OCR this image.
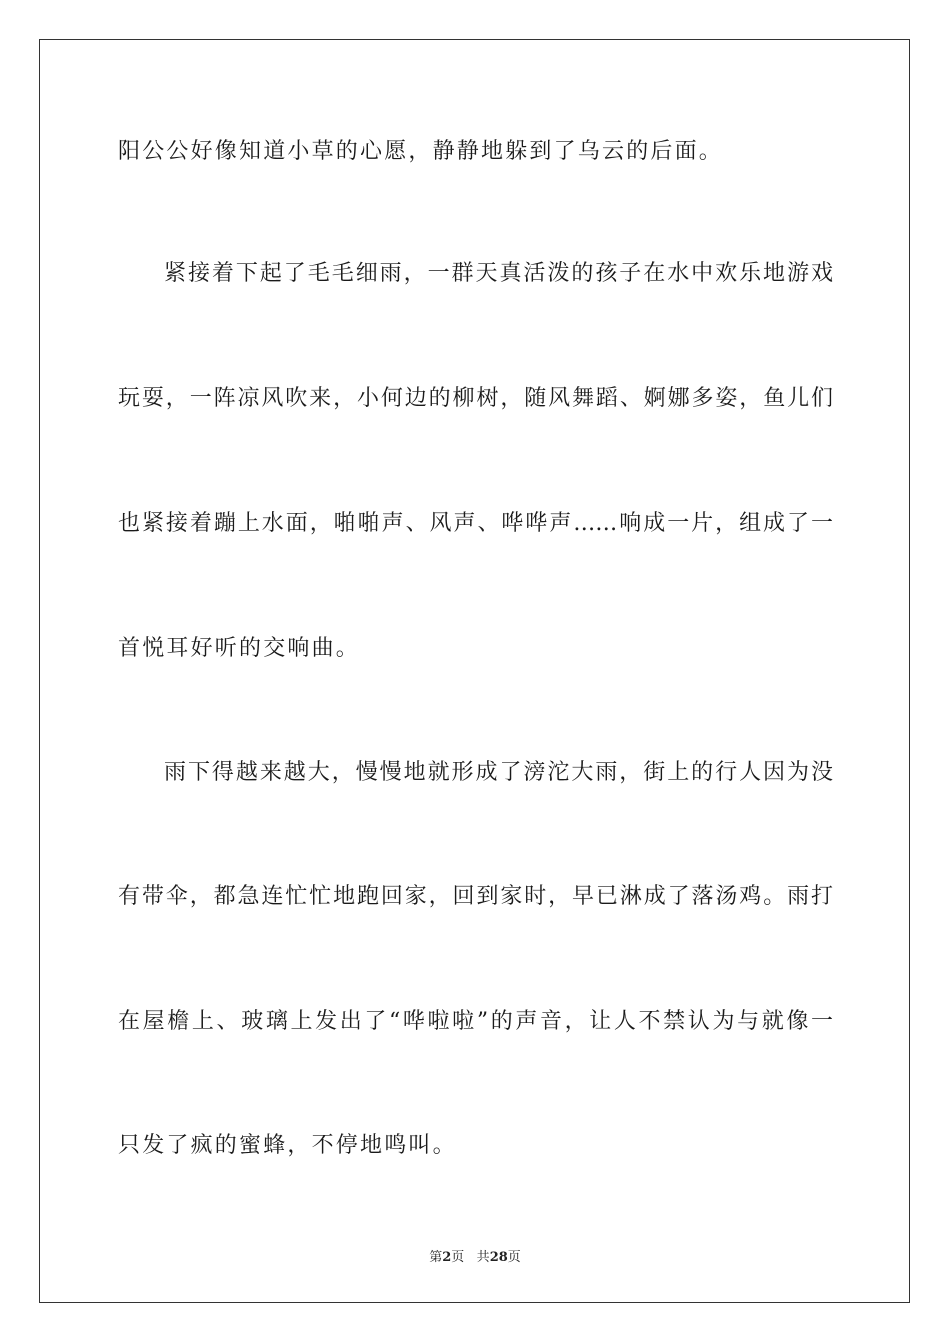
阳公公好像知道小草的心愿，静静地躲到了乌云的后面。
紧接着下起了毛毛细雨，一群天真活泼的孩子在水中欢乐地游戏
玩耍，一阵凉风吹来，小何边的柳树，随风舞蹈、婀娜多姿，鱼儿们
也紧接着蹦上水面，啪啪声、风声、哗哗声……响成一片，组成了一
首悦耳好听的交响曲。
雨下得越来越大，慢慢地就形成了滂沱大雨，街上的行人因为没
有带伞，都急连忙忙地跑回家，回到家时，早已淋成了落汤鸡。雨打
在屋檐上、玻璃上发出了“哗啦啦”的声音，让人不禁认为与就像一
只发了疯的蜜蜂，不停地鸣叫。
第2页 共28页
